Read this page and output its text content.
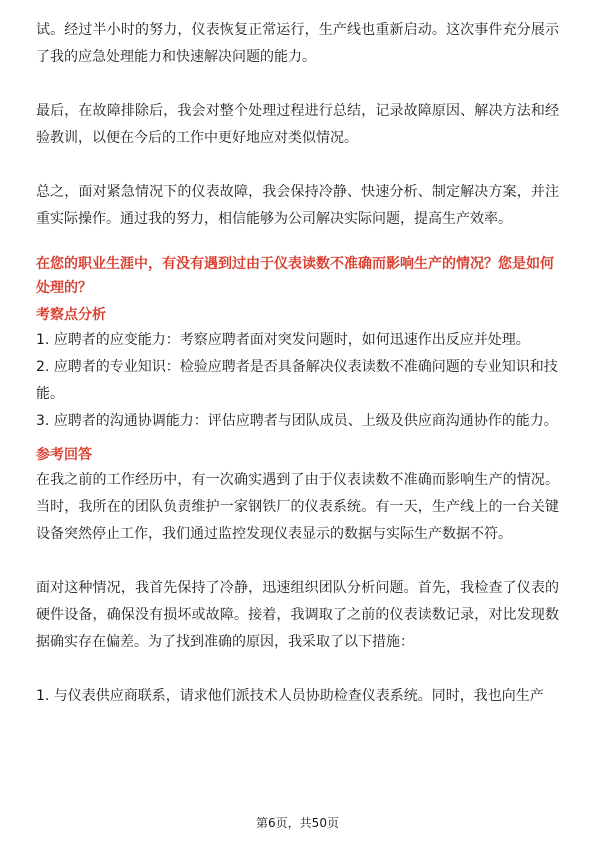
试。经过半小时的努力，仪表恢复正常运行，生产线也重新启动。这次事件充分展示了我的应急处理能力和快速解决问题的能力。

最后，在故障排除后，我会对整个处理过程进行总结，记录故障原因、解决方法和经验教训，以便在今后的工作中更好地应对类似情况。

总之，面对紧急情况下的仪表故障，我会保持冷静、快速分析、制定解决方案，并注重实际操作。通过我的努力，相信能够为公司解决实际问题，提高生产效率。

在您的职业生涯中，有没有遇到过由于仪表读数不准确而影响生产的情况？您是如何处理的？
考察点分析
1. 应聘者的应变能力：考察应聘者面对突发问题时，如何迅速作出反应并处理。
2. 应聘者的专业知识：检验应聘者是否具备解决仪表读数不准确问题的专业知识和技能。
3. 应聘者的沟通协调能力：评估应聘者与团队成员、上级及供应商沟通协作的能力。
参考回答

在我之前的工作经历中，有一次确实遇到了由于仪表读数不准确而影响生产的情况。当时，我所在的团队负责维护一家钢铁厂的仪表系统。有一天，生产线上的一台关键设备突然停止工作，我们通过监控发现仪表显示的数据与实际生产数据不符。

面对这种情况，我首先保持了冷静，迅速组织团队分析问题。首先，我检查了仪表的硬件设备，确保没有损坏或故障。接着，我调取了之前的仪表读数记录，对比发现数据确实存在偏差。为了找到准确的原因，我采取了以下措施：

1. 与仪表供应商联系，请求他们派技术人员协助检查仪表系统。同时，我也向生产

第6页，共50页
